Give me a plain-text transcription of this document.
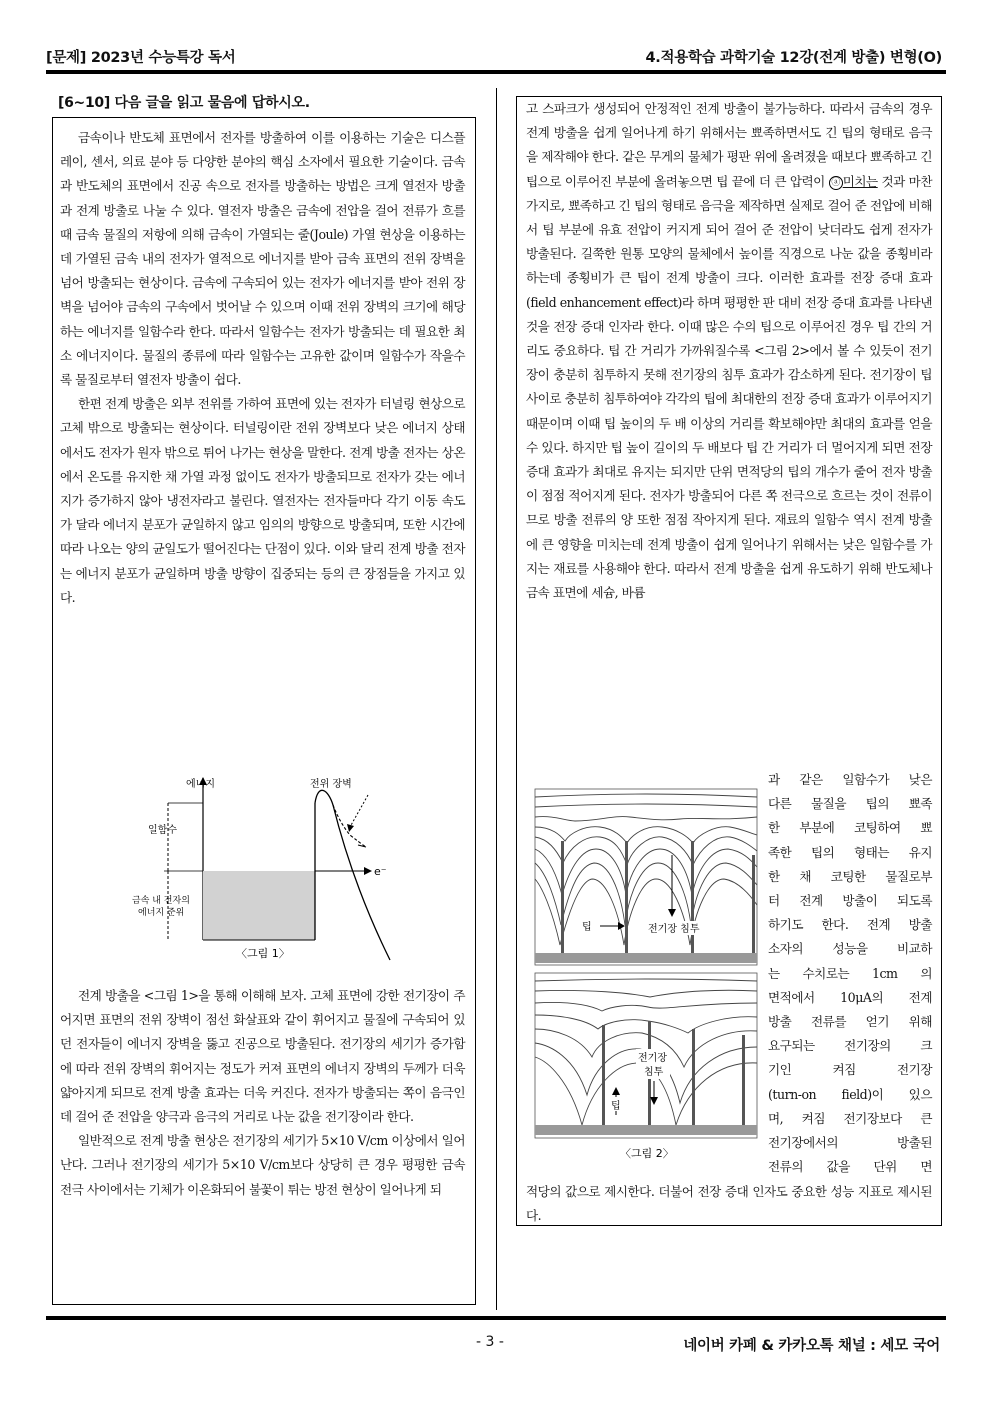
[문제] 2023년 수능특강 독서	4.적용학습 과학기술 12강(전계 방출) 변형(O)
[6~10] 다음 글을 읽고 물음에 답하시오.

금속이나 반도체 표면에서 전자를 방출하여 이를 이용하는 기술은 디스플레이, 센서, 의료 분야 등 다양한 분야의 핵심 소자에서 필요한 기술이다. 금속과 반도체의 표면에서 진공 속으로 전자를 방출하는 방법은 크게 열전자 방출과 전계 방출로 나눌 수 있다. 열전자 방출은 금속에 전압을 걸어 전류가 흐를 때 금속 물질의 저항에 의해 금속이 가열되는 줄(Joule) 가열 현상을 이용하는데 가열된 금속 내의 전자가 열적으로 에너지를 받아 금속 표면의 전위 장벽을 넘어 방출되는 현상이다. 금속에 구속되어 있는 전자가 에너지를 받아 전위 장벽을 넘어야 금속의 구속에서 벗어날 수 있으며 이때 전위 장벽의 크기에 해당하는 에너지를 일함수라 한다. 따라서 일함수는 전자가 방출되는 데 필요한 최소 에너지이다. 물질의 종류에 따라 일함수는 고유한 값이며 일함수가 작을수록 물질로부터 열전자 방출이 쉽다.

한편 전계 방출은 외부 전위를 가하여 표면에 있는 전자가 터널링 현상으로 고체 밖으로 방출되는 현상이다. 터널링이란 전위 장벽보다 낮은 에너지 상태에서도 전자가 원자 밖으로 튀어 나가는 현상을 말한다. 전계 방출 전자는 상온에서 온도를 유지한 채 가열 과정 없이도 전자가 방출되므로 전자가 갖는 에너지가 증가하지 않아 냉전자라고 불린다. 열전자는 전자들마다 각기 이동 속도가 달라 에너지 분포가 균일하지 않고 임의의 방향으로 방출되며, 또한 시간에 따라 나오는 양의 균일도가 떨어진다는 단점이 있다. 이와 달리 전계 방출 전자는 에너지 분포가 균일하며 방출 방향이 집중되는 등의 큰 장점들을 가지고 있다.

에너지	전위 장벽
e⁻
일함수
금속 내 전자의
에너지 준위
〈그림 1〉

전계 방출을 <그림 1>을 통해 이해해 보자. 고체 표면에 강한 전기장이 주어지면 표면의 전위 장벽이 점선 화살표와 같이 휘어지고 물질에 구속되어 있던 전자들이 에너지 장벽을 뚫고 진공으로 방출된다. 전기장의 세기가 증가함에 따라 전위 장벽의 휘어지는 정도가 커져 표면의 에너지 장벽의 두께가 더욱 얇아지게 되므로 전계 방출 효과는 더욱 커진다. 전자가 방출되는 쪽이 음극인데 걸어 준 전압을 양극과 음극의 거리로 나눈 값을 전기장이라 한다.

일반적으로 전계 방출 현상은 전기장의 세기가 5×10 V/cm 이상에서 일어난다. 그러나 전기장의 세기가 5×10 V/cm보다 상당히 큰 경우 평평한 금속 전극 사이에서는 기체가 이온화되어 불꽃이 튀는 방전 현상이 일어나게 되

고 스파크가 생성되어 안정적인 전계 방출이 불가능하다. 따라서 금속의 경우 전계 방출을 쉽게 일어나게 하기 위해서는 뾰족하면서도 긴 팁의 형태로 음극을 제작해야 한다. 같은 무게의 물체가 평판 위에 올려졌을 때보다 뾰족하고 긴 팁으로 이루어진 부분에 올려놓으면 팁 끝에 더 큰 압력이 ⓐ 미치는 것과 마찬가지로, 뾰족하고 긴 팁의 형태로 음극을 제작하면 실제로 걸어 준 전압에 비해서 팁 부분에 유효 전압이 커지게 되어 걸어 준 전압이 낮더라도 쉽게 전자가 방출된다. 길쭉한 원통 모양의 물체에서 높이를 직경으로 나눈 값을 종횡비라 하는데 종횡비가 큰 팁이 전계 방출이 크다. 이러한 효과를 전장 증대 효과(field enhancement effect)라 하며 평평한 판 대비 전장 증대 효과를 나타낸 것을 전장 증대 인자라 한다. 이때 많은 수의 팁으로 이루어진 경우 팁 간의 거리도 중요하다. 팁 간 거리가 가까워질수록 <그림 2>에서 볼 수 있듯이 전기장이 충분히 침투하지 못해 전기장의 침투 효과가 감소하게 된다. 전기장이 팁 사이로 충분히 침투하여야 각각의 팁에 최대한의 전장 증대 효과가 이루어지기 때문이며 이때 팁 높이의 두 배 이상의 거리를 확보해야만 최대의 효과를 얻을 수 있다. 하지만 팁 높이 길이의 두 배보다 팁 간 거리가 더 멀어지게 되면 전장 증대 효과가 최대로 유지는 되지만 단위 면적당의 팁의 개수가 줄어 전자 방출이 점점 적어지게 된다. 전자가 방출되어 다른 쪽 전극으로 흐르는 것이 전류이므로 방출 전류의 양 또한 점점 작아지게 된다. 재료의 일함수 역시 전계 방출에 큰 영향을 미치는데 전계 방출이 쉽게 일어나기 위해서는 낮은 일함수를 가지는 재료를 사용해야 한다. 따라서 전계 방출을 쉽게 유도하기 위해 반도체나 금속 표면에 세슘, 바륨

과 같은 일함수가 낮은
다른 물질을 팁의 뾰족
한 부분에 코팅하여 뾰
족한 팁의 형태는 유지
한 채 코팅한 물질로부
터 전계 방출이 되도록
하기도 한다. 전계 방출
소자의 성능을 비교하
는 수치로는 1cm 의
면적에서 10μA의 전계
방출 전류를 얻기 위해
요구되는 전기장의 크
기인 켜짐 전기장
(turn-on field)이 있으
며, 켜짐 전기장보다 큰
전기장에서의 방출된
전류의 값을 단위 면
팁	전기장 침투
전기장
침투
팁
〈그림 2〉

적당의 값으로 제시한다. 더불어 전장 증대 인자도 중요한 성능 지표로 제시된다.

- 3 -	네이버 카페 & 카카오톡 채널 : 세모 국어
